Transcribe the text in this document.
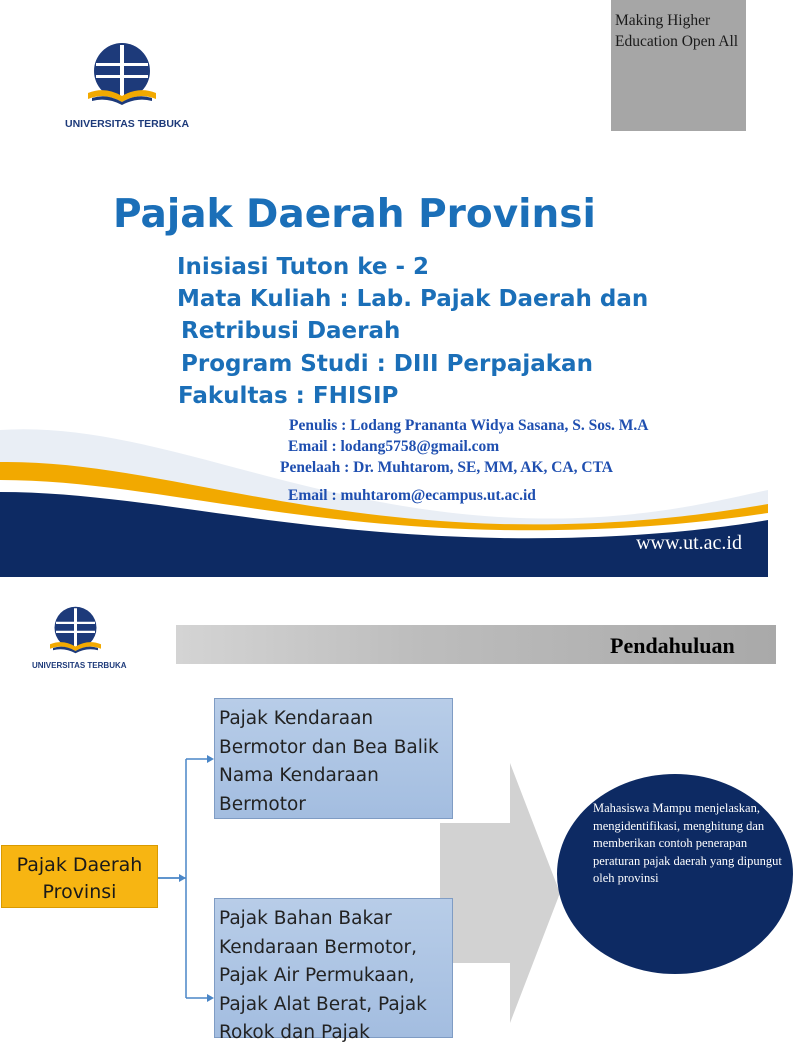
UNIVERSITAS TERBUKA
Making Higher Education Open All
Pajak Daerah Provinsi

Inisiasi Tuton ke - 2

Mata Kuliah : Lab. Pajak Daerah dan

Retribusi Daerah

Program Studi : DIII Perpajakan

Fakultas : FHISIP

Penulis : Lodang Prananta Widya Sasana, S. Sos. M.A

Email : lodang5758@gmail.com

Penelaah : Dr. Muhtarom, SE, MM, AK, CA, CTA

Email : muhtarom@ecampus.ut.ac.id

www.ut.ac.id
UNIVERSITAS TERBUKA
Pendahuluan
Pajak Daerah Provinsi
Pajak Kendaraan Bermotor dan Bea Balik Nama Kendaraan Bermotor
Pajak Bahan Bakar Kendaraan Bermotor, Pajak Air Permukaan, Pajak Alat Berat, Pajak Rokok dan Pajak
Mahasiswa Mampu menjelaskan, mengidentifikasi, menghitung dan memberikan contoh penerapan peraturan pajak daerah yang dipungut oleh provinsi
